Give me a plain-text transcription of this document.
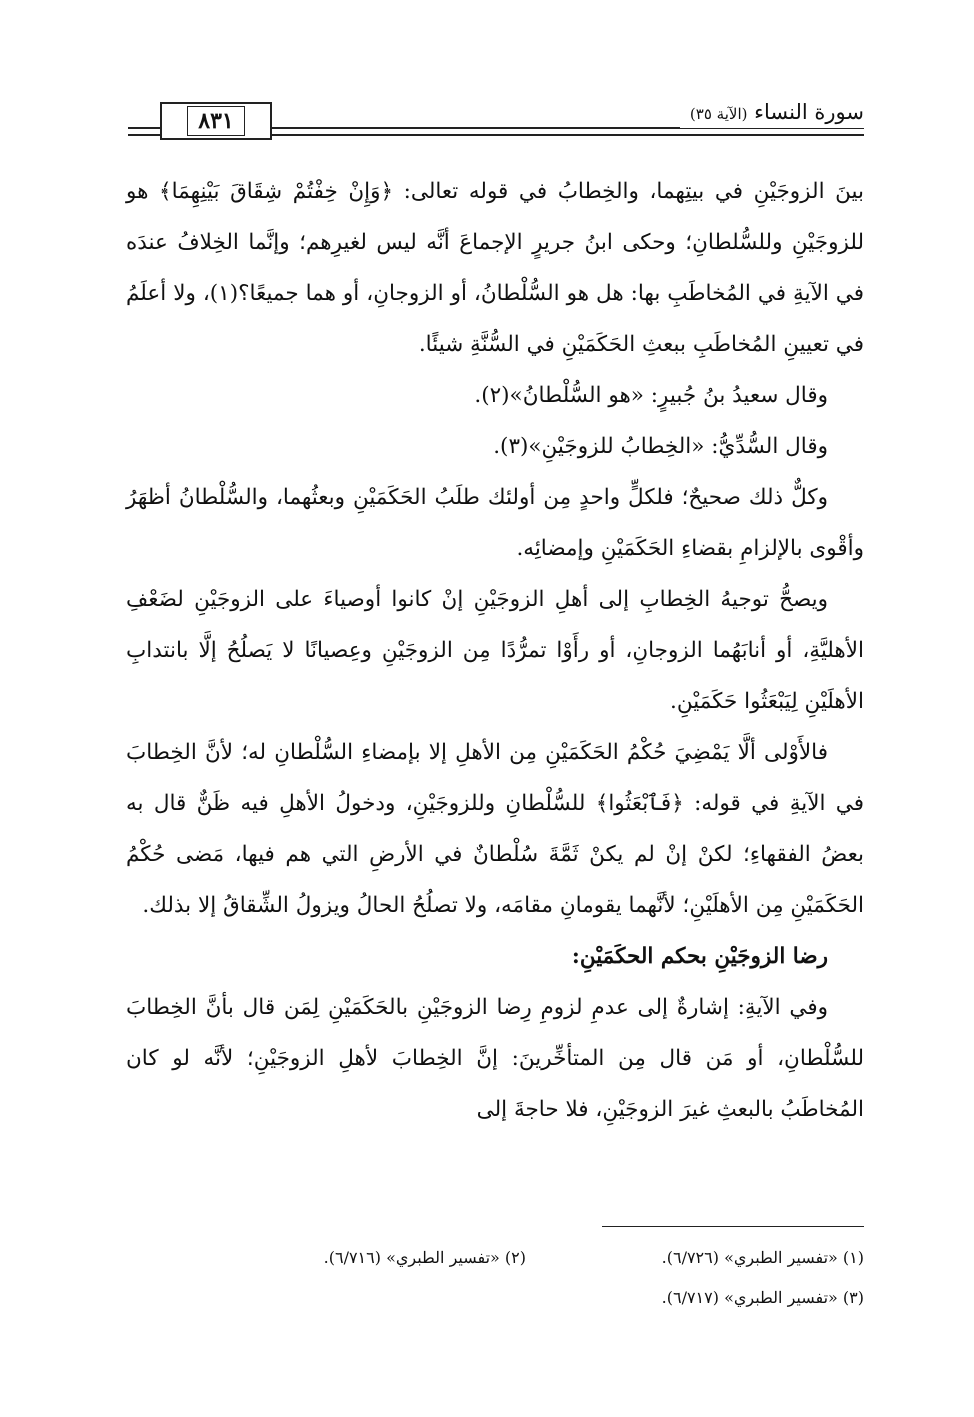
٨٣١	سورة النساء (الآية ٣٥)

بينَ الزوجَيْنِ في بيتِهما، والخِطابُ في قوله تعالى: ﴿وَإِنْ خِفْتُمْ شِقَاقَ بَيْنِهِمَا﴾ هو للزوجَيْنِ وللسُّلطانِ؛ وحكى ابنُ جريرٍ الإجماعَ أنَّه ليس لغيرِهم؛ وإنَّما الخِلافُ عندَه في الآيةِ في المُخاطَبِ بها: هل هو السُّلْطانُ، أو الزوجانِ، أو هما جميعًا؟(١)، ولا أعلَمُ في تعيينِ المُخاطَبِ ببعثِ الحَكَمَيْنِ في السُّنَّةِ شيئًا.

وقال سعيدُ بنُ جُبيرٍ: «هو السُّلْطانُ»(٢).

وقال السُّدِّيُّ: «الخِطابُ للزوجَيْنِ»(٣).

وكلٌّ ذلك صحيحٌ؛ فلكلٍّ واحدٍ مِن أولئك طلَبُ الحَكَمَيْنِ وبعثُهما، والسُّلْطانُ أظهَرُ وأقْوى بالإلزامِ بقضاءِ الحَكَمَيْنِ وإمضائِه.

ويصحُّ توجيهُ الخِطابِ إلى أهلِ الزوجَيْنِ إنْ كانوا أوصياءَ على الزوجَيْنِ لضَعْفِ الأهليَّةِ، أو أنابَهُما الزوجانِ، أو رأَوْا تمرُّدًا مِن الزوجَيْنِ وعِصيانًا لا يَصلُحُ إلَّا بانتدابِ الأهلَيْنِ لِيَبْعَثُوا حَكَمَيْنِ.

فالأَوْلى ألَّا يَمْضِيَ حُكْمُ الحَكَمَيْنِ مِن الأهلِ إلا بإمضاءِ السُّلْطانِ له؛ لأنَّ الخِطابَ في الآيةِ في قوله: ﴿فَٱبْعَثُوا﴾ للسُّلْطانِ وللزوجَيْنِ، ودخولُ الأهلِ فيه ظَنٌّ قال به بعضُ الفقهاءِ؛ لكنْ إنْ لم يكنْ ثَمَّةَ سُلْطانٌ في الأرضِ التي هم فيها، مَضى حُكْمُ الحَكَمَيْنِ مِن الأهلَيْنِ؛ لأنَّهما يقومانِ مقامَه، ولا تصلُحُ الحالُ ويزولُ الشِّقاقُ إلا بذلك.

رضا الزوجَيْنِ بحكم الحكَمَيْنِ:

وفي الآيةِ: إشارةٌ إلى عدمِ لزومِ رِضا الزوجَيْنِ بالحَكَمَيْنِ لِمَن قال بأنَّ الخِطابَ للسُّلْطانِ، أو مَن قال مِن المتأخِّرينَ: إنَّ الخِطابَ لأهلِ الزوجَيْنِ؛ لأنَّه لو كان المُخاطَبُ بالبعثِ غيرَ الزوجَيْنِ، فلا حاجةَ إلى

(١) «تفسير الطبري» (٦/٧٢٦).
(٢) «تفسير الطبري» (٦/٧١٦).
(٣) «تفسير الطبري» (٦/٧١٧).
